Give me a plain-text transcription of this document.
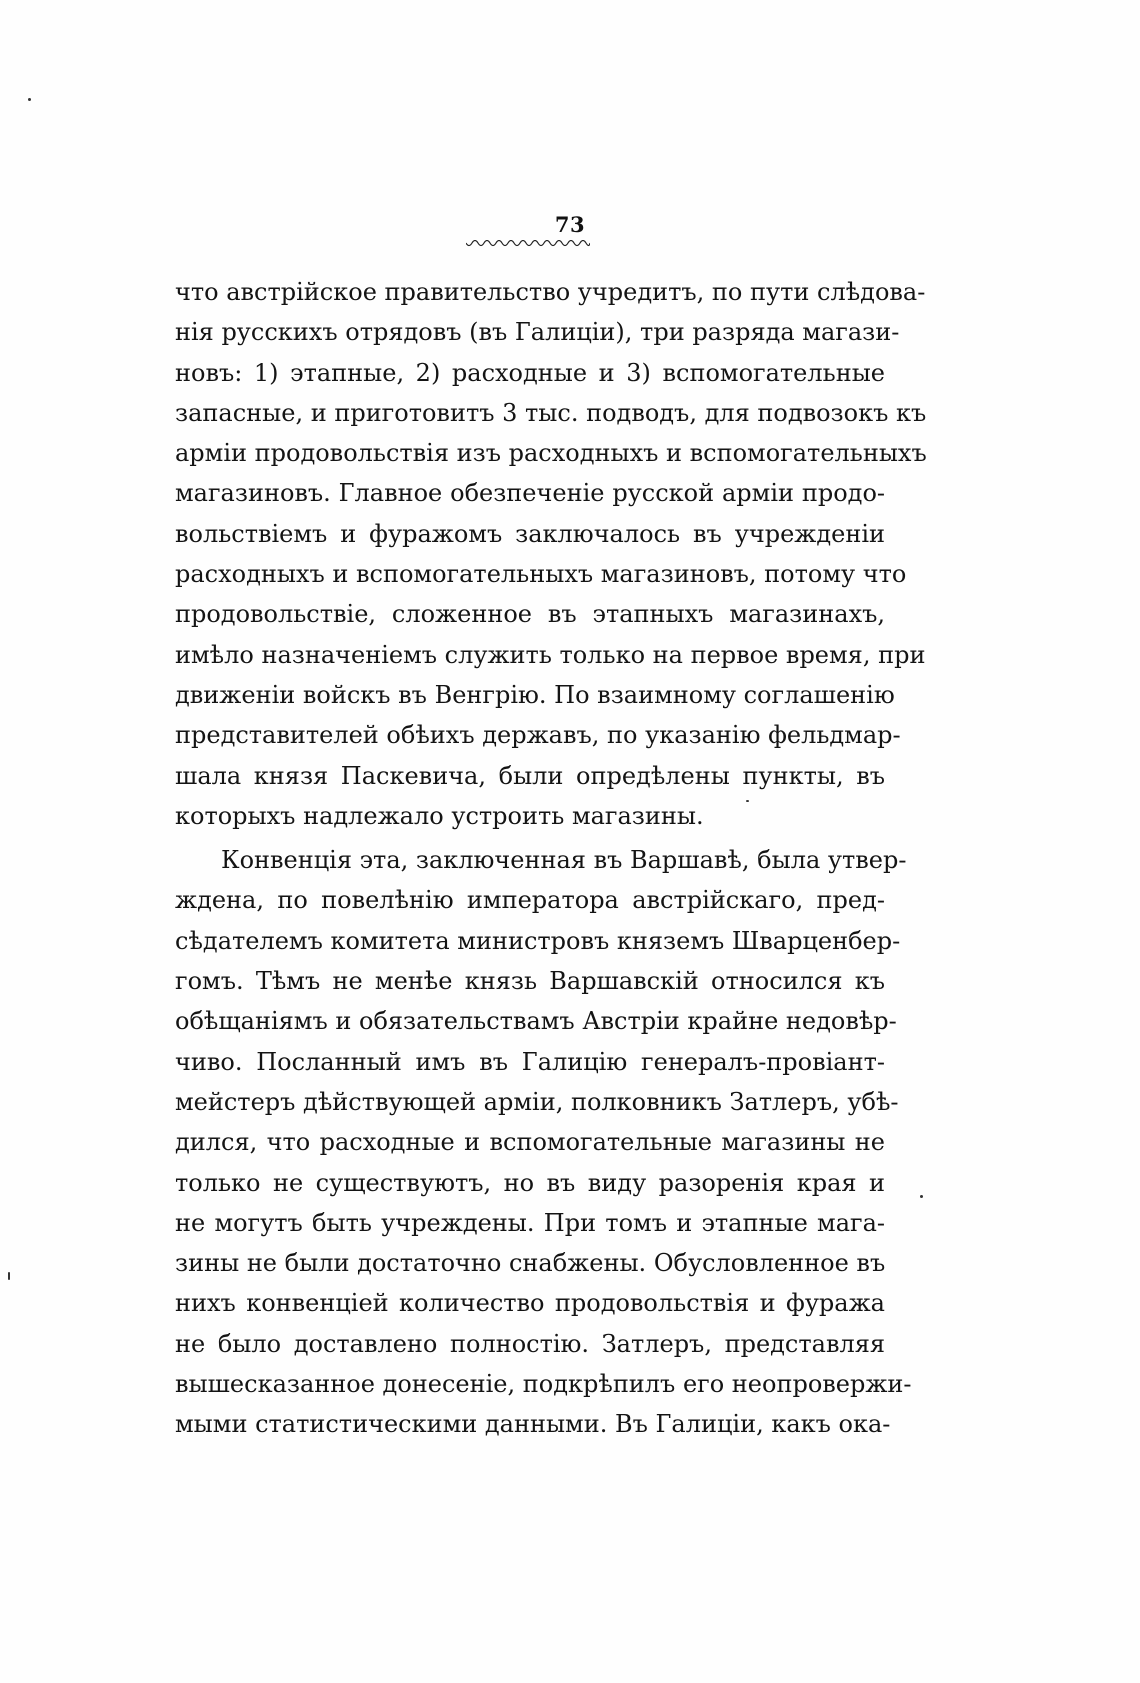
73
что австрійское правительство учредитъ, по пути слѣдова-
нія русскихъ отрядовъ (въ Галиціи), три разряда магази-
новъ: 1) этапные, 2) расходные и 3) вспомогательные
запасные, и приготовитъ 3 тыс. подводъ, для подвозокъ къ
арміи продовольствія изъ расходныхъ и вспомогательныхъ
магазиновъ. Главное обезпеченіе русской арміи продо-
вольствіемъ и фуражомъ заключалось въ учрежденіи
расходныхъ и вспомогательныхъ магазиновъ, потому что
продовольствіе, сложенное въ этапныхъ магазинахъ,
имѣло назначеніемъ служить только на первое время, при
движеніи войскъ въ Венгрію. По взаимному соглашенію
представителей обѣихъ державъ, по указанію фельдмар-
шала князя Паскевича, были опредѣлены пункты, въ
которыхъ надлежало устроить магазины.
Конвенція эта, заключенная въ Варшавѣ, была утвер-
ждена, по повелѣнію императора австрійскаго, пред-
сѣдателемъ комитета министровъ княземъ Шварценбер-
гомъ. Тѣмъ не менѣе князь Варшавскій относился къ
обѣщаніямъ и обязательствамъ Австріи крайне недовѣр-
чиво. Посланный имъ въ Галицію генералъ-провіант-
мейстеръ дѣйствующей арміи, полковникъ Затлеръ, убѣ-
дился, что расходные и вспомогательные магазины не
только не существуютъ, но въ виду разоренія края и
не могутъ быть учреждены. При томъ и этапные мага-
зины не были достаточно снабжены. Обусловленное въ
нихъ конвенціей количество продовольствія и фуража
не было доставлено полностію. Затлеръ, представляя
вышесказанное донесеніе, подкрѣпилъ его неопровержи-
мыми статистическими данными. Въ Галиціи, какъ ока-
